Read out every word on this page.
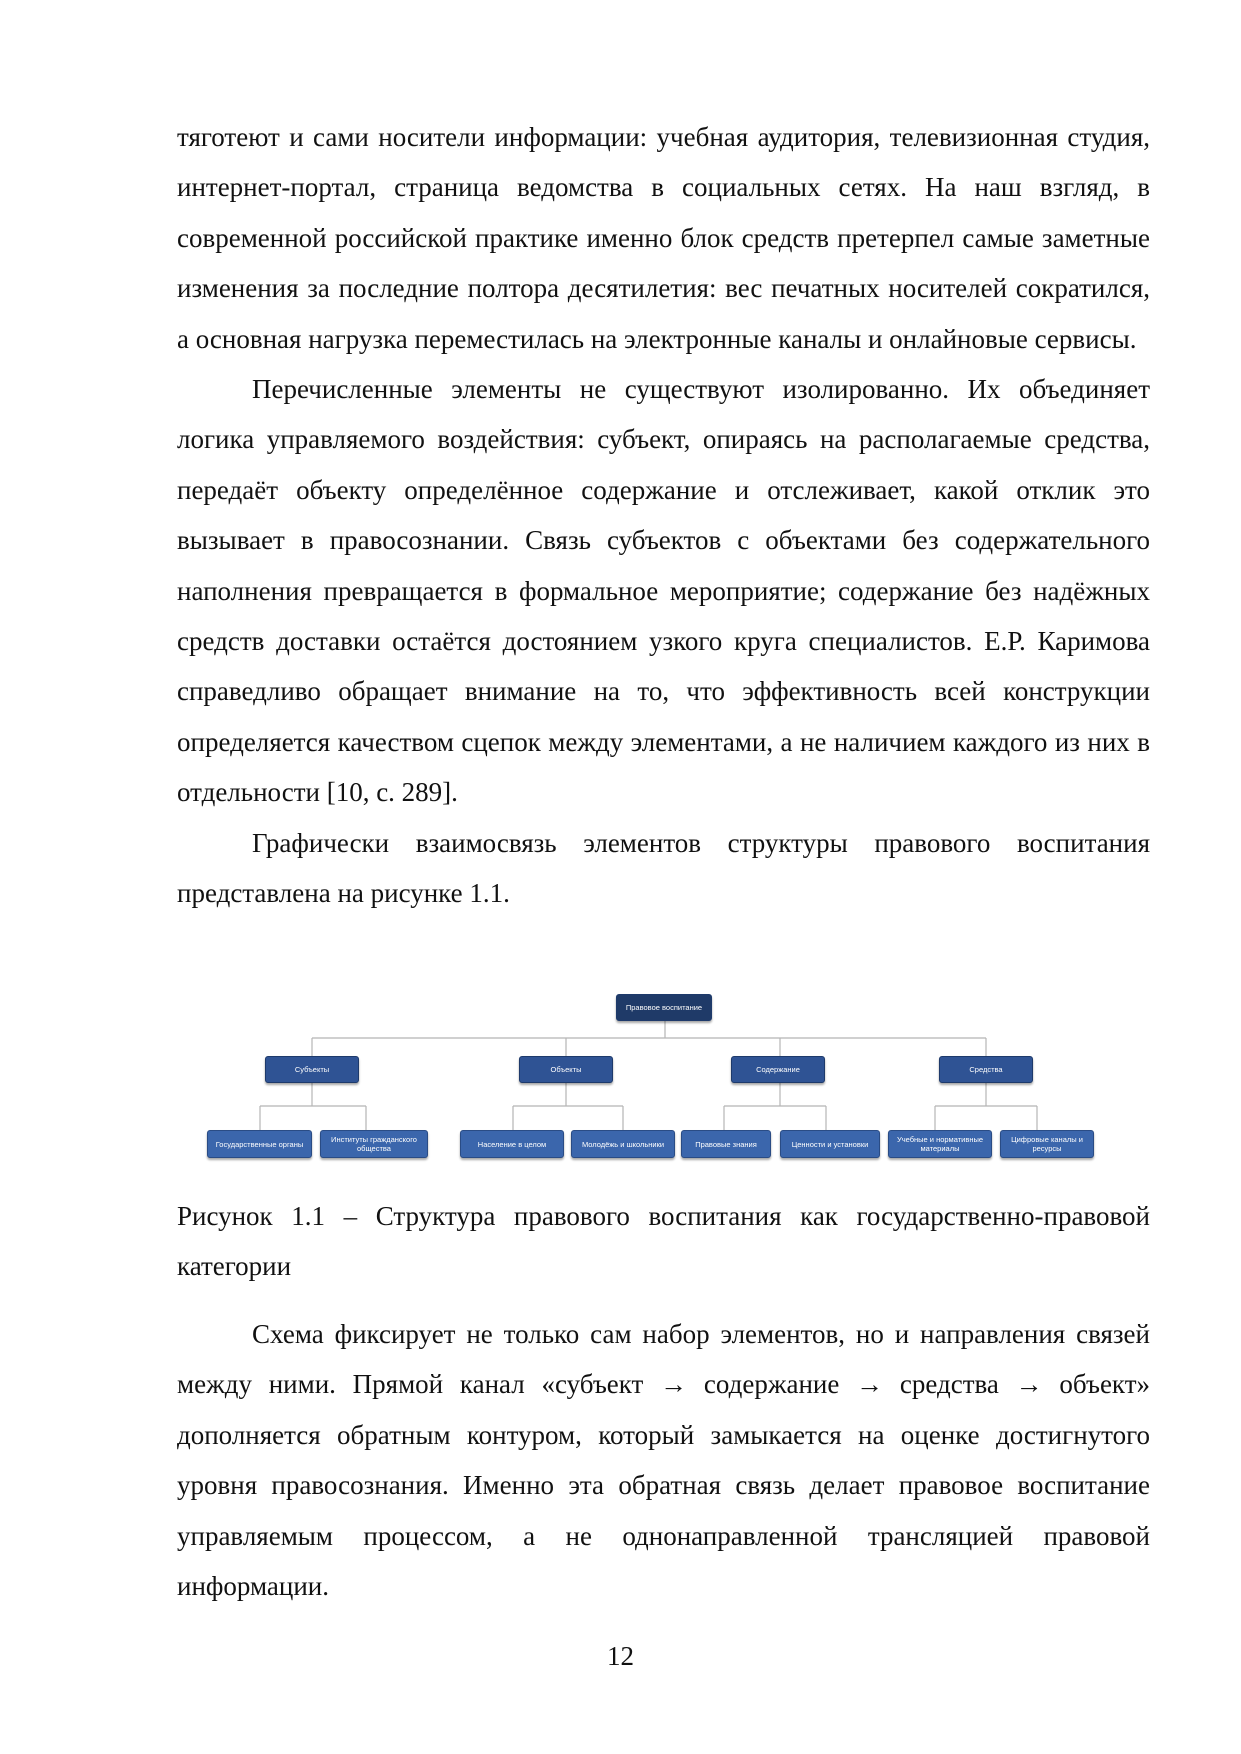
тяготеют и сами носители информации: учебная аудитория, телевизионная студия, интернет-портал, страница ведомства в социальных сетях. На наш взгляд, в современной российской практике именно блок средств претерпел самые заметные изменения за последние полтора десятилетия: вес печатных носителей сократился, а основная нагрузка переместилась на электронные каналы и онлайновые сервисы.

Перечисленные элементы не существуют изолированно. Их объединяет логика управляемого воздействия: субъект, опираясь на располагаемые средства, передаёт объекту определённое содержание и отслеживает, какой отклик это вызывает в правосознании. Связь субъектов с объектами без содержательного наполнения превращается в формальное мероприятие; содержание без надёжных средств доставки остаётся достоянием узкого круга специалистов. Е.Р. Каримова справедливо обращает внимание на то, что эффективность всей конструкции определяется качеством сцепок между элементами, а не наличием каждого из них в отдельности [10, с. 289].

Графически взаимосвязь элементов структуры правового воспитания представлена на рисунке 1.1.

Правовое воспитание
Субъекты	Объекты	Содержание	Средства
Государственные органы	Институты гражданского общества	Население в целом	Молодёжь и школьники	Правовые знания	Ценности и установки	Учебные и нормативные материалы
Цифровые каналы и ресурсы
Рисунок 1.1 – Структура правового воспитания как государственно-правовой категории

Схема фиксирует не только сам набор элементов, но и направления связей между ними. Прямой канал «субъект → содержание → средства → объект» дополняется обратным контуром, который замыкается на оценке достигнутого уровня правосознания. Именно эта обратная связь делает правовое воспитание управляемым процессом, а не однонаправленной трансляцией правовой информации.

12
